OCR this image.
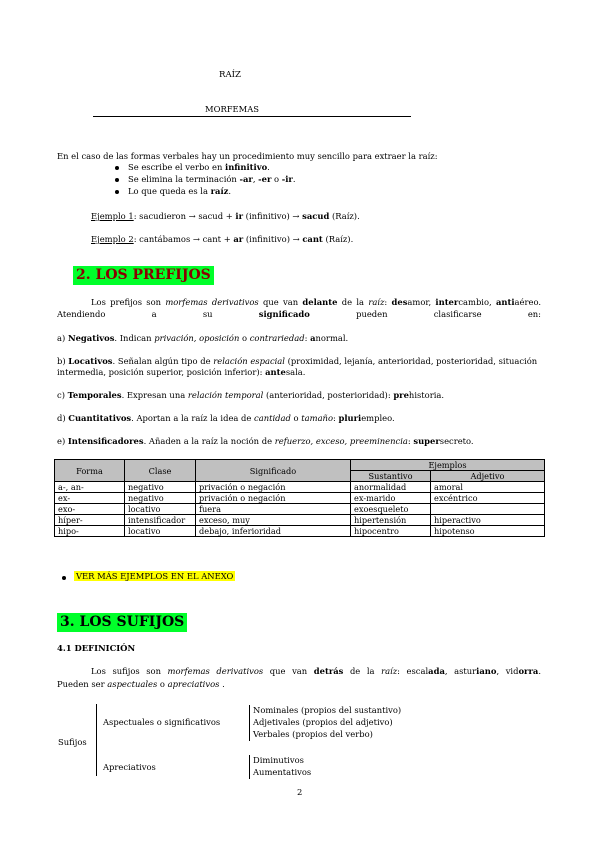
RAÍZ
MORFEMAS
En el caso de las formas verbales hay un procedimiento muy sencillo para extraer la raíz:
Se escribe el verbo en infinitivo.
Se elimina la terminación -ar, -er o -ir.
Lo que queda es la raíz.
Ejemplo 1: sacudieron → sacud + ir (infinitivo) → sacud (Raíz).
Ejemplo 2: cantábamos → cant + ar (infinitivo) → cant (Raíz).
2. LOS PREFIJOS
Los prefijos son morfemas derivativos que van delante de la raíz: desamor, intercambio, antiaéreo. Atendiendo a su significado pueden clasificarse en:
a) Negativos. Indican privación, oposición o contrariedad: anormal.
b) Locativos. Señalan algún tipo de relación espacial (proximidad, lejanía, anterioridad, posterioridad, situación
intermedia, posición superior, posición inferior): antesala.
c) Temporales. Expresan una relación temporal (anterioridad, posterioridad): prehistoria.
d) Cuantitativos. Aportan a la raíz la idea de cantidad o tamaño: pluriempleo.
e) Intensificadores. Añaden a la raíz la noción de refuerzo, exceso, preeminencia: supersecreto.
Forma	Clase	Significado	Ejemplos	
			Sustantivo	Adjetivo
a-, an-	negativo	privación o negación	anormalidad	amoral
ex-	negativo	privación o negación	ex-marido	excéntrico
exo-	locativo	fuera	exoesqueleto	
híper-	intensificador	exceso, muy	hipertensión	hiperactivo
hipo-	locativo	debajo, inferioridad	hipocentro	hipotenso
VER MÁS EJEMPLOS EN EL ANEXO
3. LOS SUFIJOS
4.1 DEFINICIÓN
Los sufijos son morfemas derivativos que van detrás de la raíz: escalada, asturiano, vidorra.
Pueden ser aspectuales o apreciativos .
Sufijos
Aspectuales o significativos
Nominales (propios del sustantivo)
Adjetivales (propios del adjetivo)
Verbales (propios del verbo)
Apreciativos
Diminutivos
Aumentativos
2
